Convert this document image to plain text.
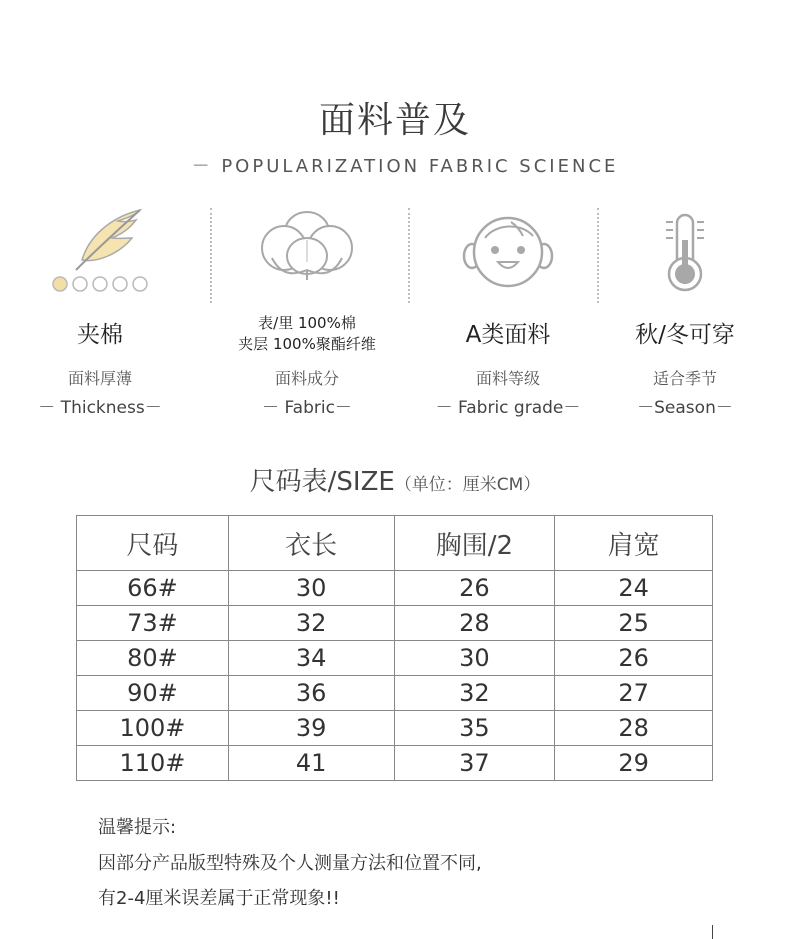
面料普及
－ POPULARIZATION FABRIC SCIENCE
夹棉
面料厚薄
－ Thickness－
表/里 100%棉
夹层 100%聚酯纤维
面料成分
－ Fabric－
A类面料
面料等级
－ Fabric grade－
秋/冬可穿
适合季节
－Season－
尺码表/SIZE（单位：厘米CM）
尺码	衣长	胸围/2	肩宽
66#	30	26	24
73#	32	28	25
80#	34	30	26
90#	36	32	27
100#	39	35	28
110#	41	37	29
温馨提示:
因部分产品版型特殊及个人测量方法和位置不同,
有2-4厘米误差属于正常现象!!
